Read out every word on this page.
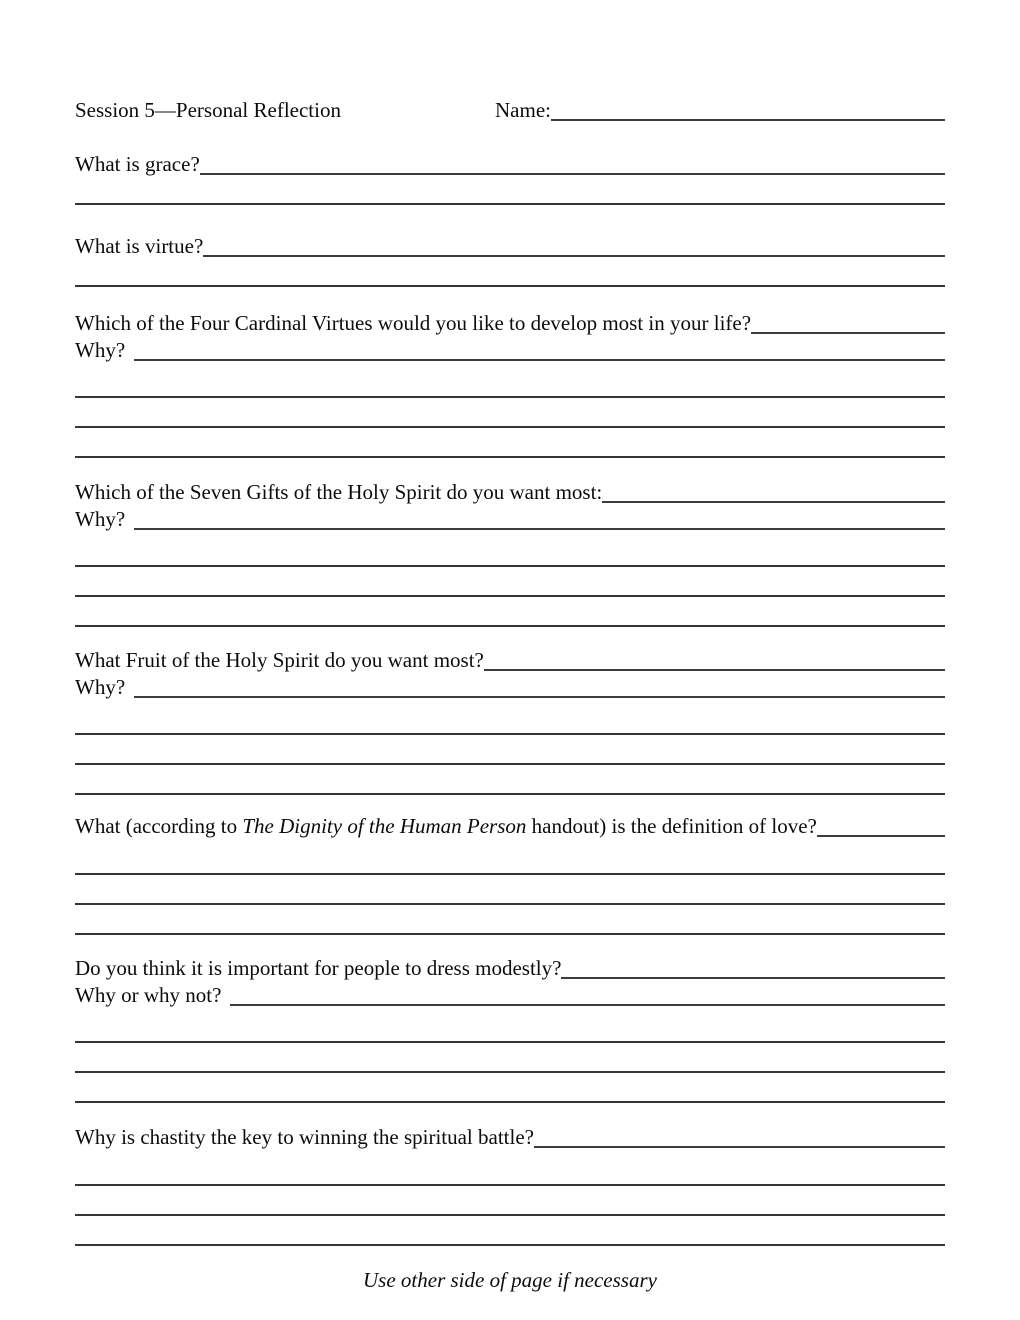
Session 5—Personal Reflection	Name:
What is grace?
What is virtue?
Which of the Four Cardinal Virtues would you like to develop most in your life?
Why?
Which of the Seven Gifts of the Holy Spirit do you want most:
Why?
What Fruit of the Holy Spirit do you want most?
Why?
What (according to The Dignity of the Human Person handout) is the definition of love?
Do you think it is important for people to dress modestly?
Why or why not?
Why is chastity the key to winning the spiritual battle?
Use other side of page if necessary
